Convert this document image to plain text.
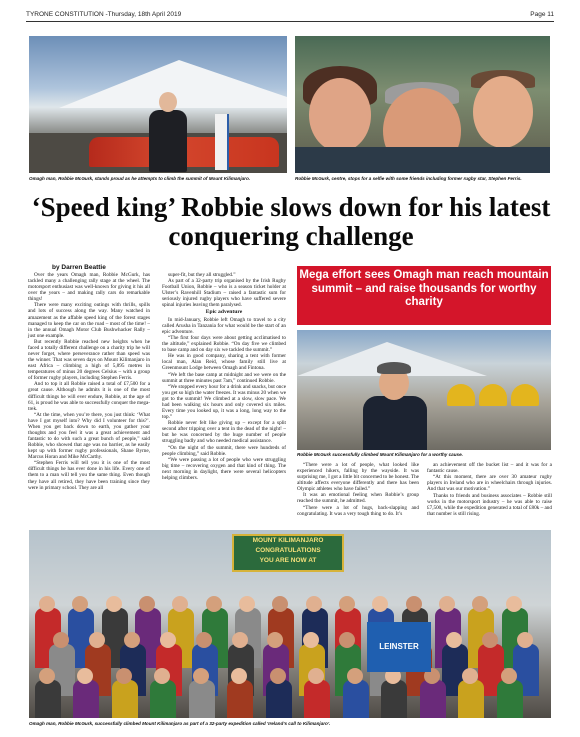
TYRONE CONSTITUTION -Thursday, 18th April 2019	Page 11
Omagh man, Robbie McGurk, stands proud as he attempts to climb the summit of Mount Kilimanjaro.	Robbie McGurk, centre, stops for a selfie with some friends including former rugby star, Stephen Ferris.
‘Speed king’ Robbie slows down for his latest conquering challenge
by Darren Beattie

Over the years Omagh man, Robbie McGurk, has tackled many a challenging rally stage at the wheel. The motorsport enthusiast was well-known for giving it his all over the years – and making rally cars do remarkable things!

There were many exciting outings with thrills, spills and lots of success along the way. Many watched in amazement as the affable speed king of the forest stages managed to keep the car on the road – most of the time! – in the annual Omagh Motor Club Bushwhacker Rally – just one example.

But recently Robbie reached new heights when he faced a totally different challenge on a charity trip he will never forget, where perseverance rather than speed was the winner. That was seven days on Mount Kilimanjaro in east Africa – climbing a high of 5,895 metres in temperatures of minus 20 degrees Celsius – with a group of former rugby players, including Stephen Ferris.

And to top it all Robbie raised a total of £7,500 for a great cause. Although he admits it is one of the most difficult things he will ever endure, Robbie, at the age of 61, is proud he was able to successfully conquer the mega-trek.

“At the time, when you’re there, you just think: ‘What have I got myself into? Why did I volunteer for this?’. When you get back down to earth, you gather your thoughts and you feel it was a great achievement and fantastic to do with such a great bunch of people,” said Robbie, who showed that age was no barrier, as he easily kept up with former rugby professionals, Shane Byrne, Marcus Horan and Mike McCarthy.

“Stephen Ferris will tell you it is one of the most difficult things he has ever done in his life. Every one of them to a man will tell you the same thing. Even though they have all retired, they have been training since they were in primary school. They are all

super-fit, but they all struggled.”

As part of a 32-party trip organised by the Irish Rugby Football Union, Robbie – who is a season ticket holder at Ulster’s Ravenhill Stadium – raised a fantastic sum for seriously injured rugby players who have suffered severe spinal injuries leaving them paralysed.

Epic adventure

In mid-January, Robbie left Omagh to travel to a city called Arusha in Tanzania for what would be the start of an epic adventure.

“The first four days were about getting acclimatised to the altitude,” explained Robbie. “On day five we climbed to base camp and on day six we tackled the summit.”

He was in good company, sharing a tent with former local man, Alan Reid, whose family still live at Greenmount Lodge between Omagh and Fintona.

“We left the base camp at midnight and we were on the summit at three minutes past 7am,” continued Robbie.

“We stopped every hour for a drink and snacks, but once you get so high the water freezes. It was minus 20 when we got to the summit! We climbed at a slow, slow pace. We had been walking six hours and only covered six miles. Every time you looked up, it was a long, long way to the top.”

Robbie never felt like giving up – except for a split second after tripping over a tent in the dead of the night! – but he was concerned by the huge number of people struggling badly and who needed medical assistance.

“On the night of the summit, there were hundreds of people climbing,” said Robbie.

“We were passing a lot of people who were struggling big time – recovering oxygen and that kind of thing. The next morning in daylight, there were several helicopters helping climbers.

Mega effort sees Omagh man reach mountain summit – and raise thousands for worthy charity
Robbie McGurk successfully climbed Mount Kilimanjaro for a worthy cause.

“There were a lot of people, what looked like experienced hikers, falling by the wayside. It was surprising me, I got a little bit concerned to be honest. The altitude affects everyone differently and there has been Olympic athletes who have failed.”

It was an emotional feeling when Robbie’s group reached the summit, he admitted.

“There were a lot of hugs, back-slapping and congratulating. It was a very tough thing to do. It’s

an achievement off the bucket list – and it was for a fantastic cause.

“At this moment, there are over 30 amateur rugby players in Ireland who are in wheelchairs through injuries. And that was our motivation.”

Thanks to friends and business associates – Robbie still works in the motorsport industry – he was able to raise £7,500, while the expedition generated a total of £80k – and that number is still rising.

MOUNT KILIMANJARO
CONGRATULATIONS
YOU ARE NOW AT
LEINSTER
Omagh man, Robbie McGurk, successfully climbed Mount Kilimanjaro as part of a 32-party expedition called ‘Ireland’s call to Kilimanjaro’.
